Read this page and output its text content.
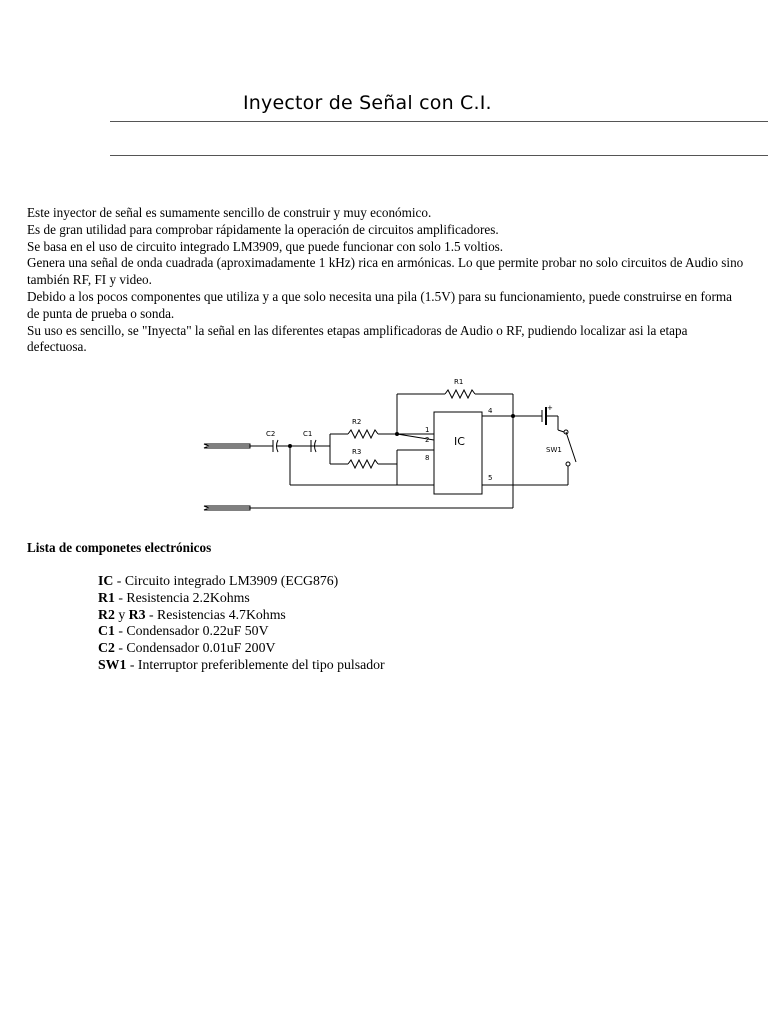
Inyector de Señal con C.I.

Este inyector de señal es sumamente sencillo de construir y muy económico.

Es de gran utilidad para comprobar rápidamente la operación de circuitos amplificadores.

Se basa en el uso de circuito integrado LM3909, que puede funcionar con solo 1.5 voltios.

Genera una señal de onda cuadrada (aproximadamente 1 kHz) rica en armónicas. Lo que permite probar no solo circuitos de Audio sino también RF, FI y video.

Debido a los pocos componentes que utiliza y a que solo necesita una pila (1.5V) para su funcionamiento, puede construirse en forma de punta de prueba o sonda.

Su uso es sencillo, se "Inyecta" la señal en las diferentes etapas amplificadoras de Audio o RF, pudiendo localizar asi la etapa defectuosa.

R1
R2
R3
C1
C2
SW1
1
2
4
5
8
+
IC
Lista de componetes electrónicos
IC - Circuito integrado LM3909 (ECG876)
R1 - Resistencia 2.2Kohms
R2 y R3 - Resistencias 4.7Kohms
C1 - Condensador 0.22uF 50V
C2 - Condensador 0.01uF 200V
SW1 - Interruptor preferiblemente del tipo pulsador
